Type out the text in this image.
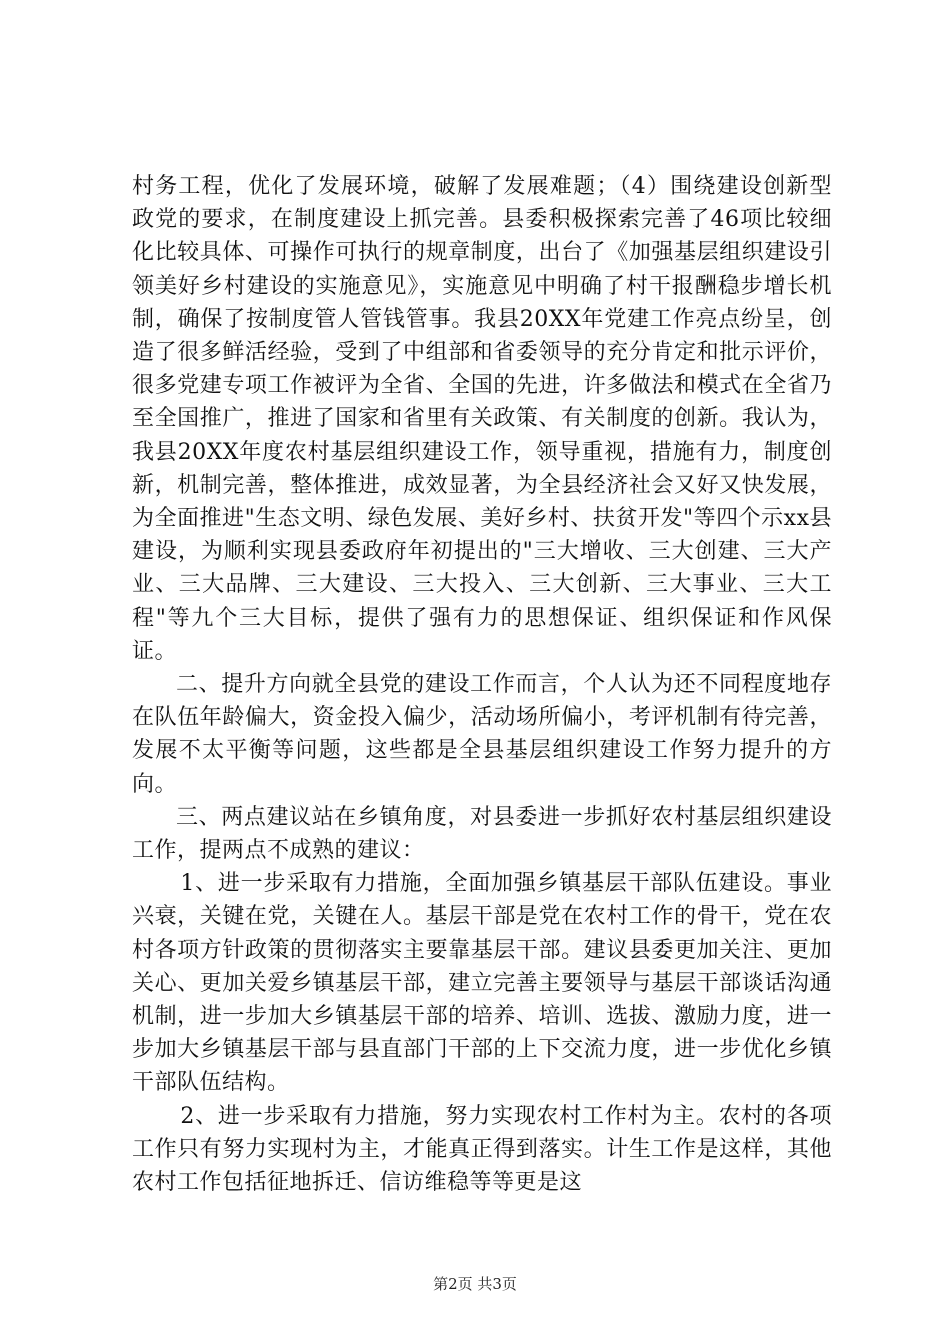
村务工程，优化了发展环境，破解了发展难题；（4）围绕建设创新型政党的要求，在制度建设上抓完善。县委积极探索完善了46项比较细化比较具体、可操作可执行的规章制度，出台了《加强基层组织建设引领美好乡村建设的实施意见》，实施意见中明确了村干报酬稳步增长机制，确保了按制度管人管钱管事。我县20XX年党建工作亮点纷呈，创造了很多鲜活经验，受到了中组部和省委领导的充分肯定和批示评价，很多党建专项工作被评为全省、全国的先进，许多做法和模式在全省乃至全国推广，推进了国家和省里有关政策、有关制度的创新。我认为，我县20XX年度农村基层组织建设工作，领导重视，措施有力，制度创新，机制完善，整体推进，成效显著，为全县经济社会又好又快发展，为全面推进"生态文明、绿色发展、美好乡村、扶贫开发"等四个示xx县建设，为顺利实现县委政府年初提出的"三大增收、三大创建、三大产业、三大品牌、三大建设、三大投入、三大创新、三大事业、三大工程"等九个三大目标，提供了强有力的思想保证、组织保证和作风保证。

二、提升方向就全县党的建设工作而言，个人认为还不同程度地存在队伍年龄偏大，资金投入偏少，活动场所偏小，考评机制有待完善，发展不太平衡等问题，这些都是全县基层组织建设工作努力提升的方向。

三、两点建议站在乡镇角度，对县委进一步抓好农村基层组织建设工作，提两点不成熟的建议：

1、进一步采取有力措施，全面加强乡镇基层干部队伍建设。事业兴衰，关键在党，关键在人。基层干部是党在农村工作的骨干，党在农村各项方针政策的贯彻落实主要靠基层干部。建议县委更加关注、更加关心、更加关爱乡镇基层干部，建立完善主要领导与基层干部谈话沟通机制，进一步加大乡镇基层干部的培养、培训、选拔、激励力度，进一步加大乡镇基层干部与县直部门干部的上下交流力度，进一步优化乡镇干部队伍结构。

2、进一步采取有力措施，努力实现农村工作村为主。农村的各项工作只有努力实现村为主，才能真正得到落实。计生工作是这样，其他农村工作包括征地拆迁、信访维稳等等更是这

第2页 共3页
